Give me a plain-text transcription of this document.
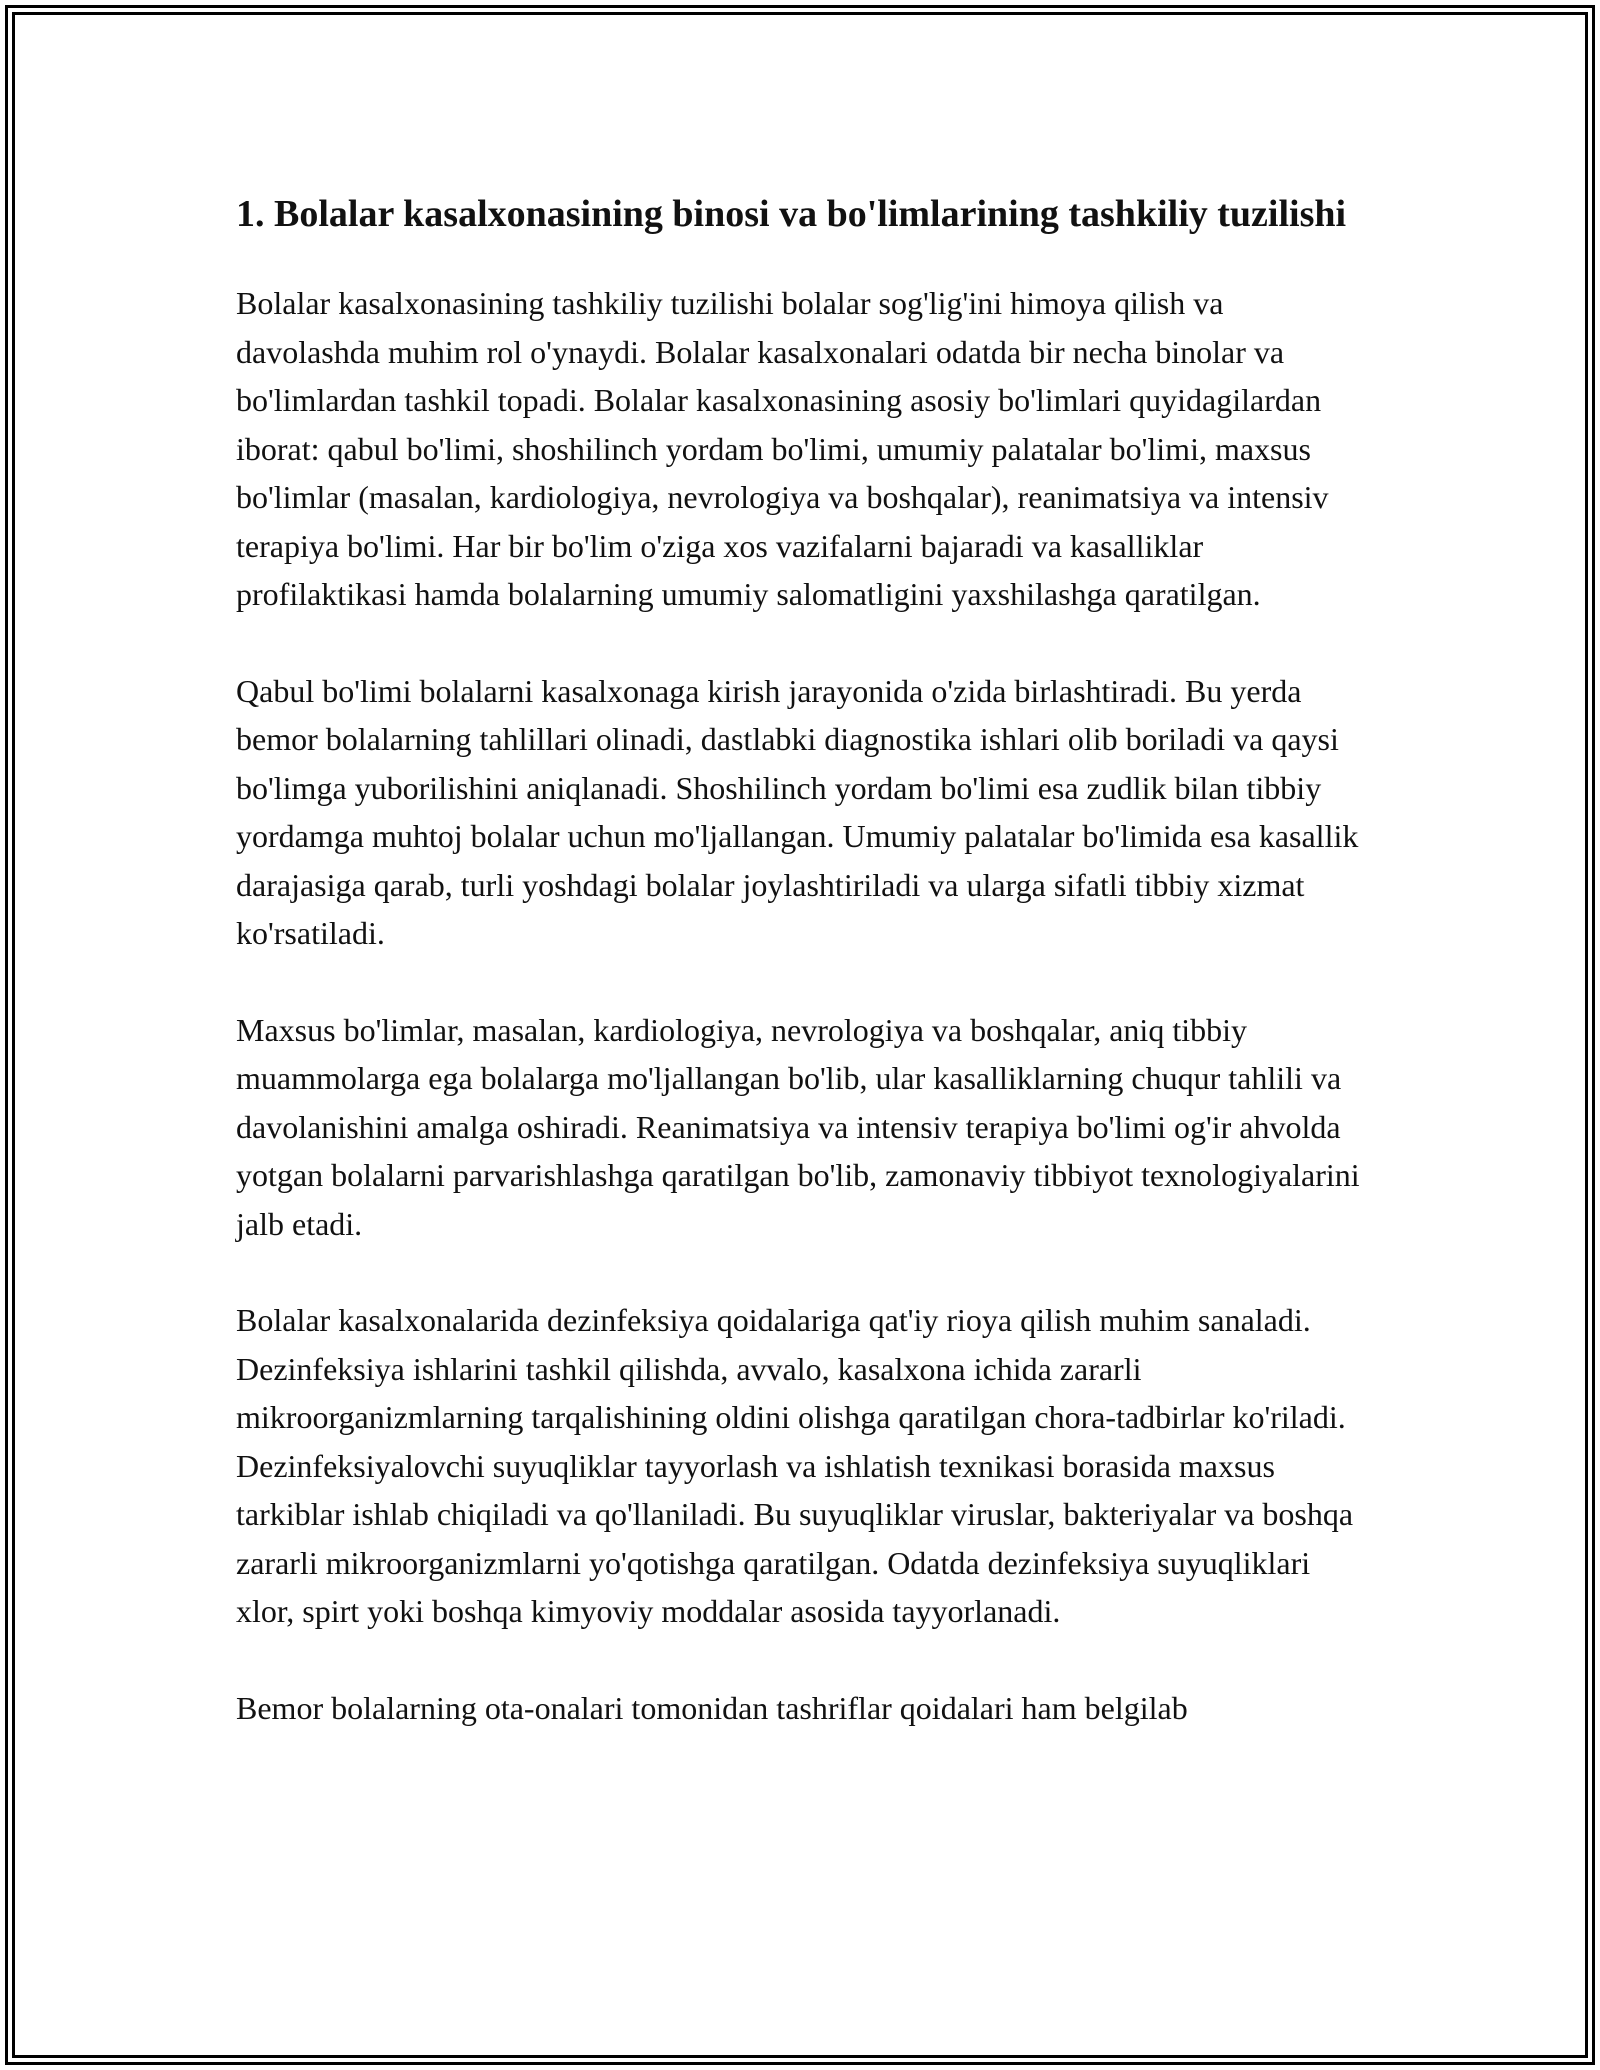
1. Bolalar kasalxonasining binosi va bo'limlarining tashkiliy tuzilishi

Bolalar kasalxonasining tashkiliy tuzilishi bolalar sog'lig'ini himoya qilish va davolashda muhim rol o'ynaydi. Bolalar kasalxonalari odatda bir necha binolar va bo'limlardan tashkil topadi. Bolalar kasalxonasining asosiy bo'limlari quyidagilardan iborat: qabul bo'limi, shoshilinch yordam bo'limi, umumiy palatalar bo'limi, maxsus bo'limlar (masalan, kardiologiya, nevrologiya va boshqalar), reanimatsiya va intensiv terapiya bo'limi. Har bir bo'lim o'ziga xos vazifalarni bajaradi va kasalliklar profilaktikasi hamda bolalarning umumiy salomatligini yaxshilashga qaratilgan.

Qabul bo'limi bolalarni kasalxonaga kirish jarayonida o'zida birlashtiradi. Bu yerda bemor bolalarning tahlillari olinadi, dastlabki diagnostika ishlari olib boriladi va qaysi bo'limga yuborilishini aniqlanadi. Shoshilinch yordam bo'limi esa zudlik bilan tibbiy yordamga muhtoj bolalar uchun mo'ljallangan. Umumiy palatalar bo'limida esa kasallik darajasiga qarab, turli yoshdagi bolalar joylashtiriladi va ularga sifatli tibbiy xizmat ko'rsatiladi.

Maxsus bo'limlar, masalan, kardiologiya, nevrologiya va boshqalar, aniq tibbiy muammolarga ega bolalarga mo'ljallangan bo'lib, ular kasalliklarning chuqur tahlili va davolanishini amalga oshiradi. Reanimatsiya va intensiv terapiya bo'limi og'ir ahvolda yotgan bolalarni parvarishlashga qaratilgan bo'lib, zamonaviy tibbiyot texnologiyalarini jalb etadi.

Bolalar kasalxonalarida dezinfeksiya qoidalariga qat'iy rioya qilish muhim sanaladi. Dezinfeksiya ishlarini tashkil qilishda, avvalo, kasalxona ichida zararli mikroorganizmlarning tarqalishining oldini olishga qaratilgan chora-tadbirlar ko'riladi. Dezinfeksiyalovchi suyuqliklar tayyorlash va ishlatish texnikasi borasida maxsus tarkiblar ishlab chiqiladi va qo'llaniladi. Bu suyuqliklar viruslar, bakteriyalar va boshqa zararli mikroorganizmlarni yo'qotishga qaratilgan. Odatda dezinfeksiya suyuqliklari xlor, spirt yoki boshqa kimyoviy moddalar asosida tayyorlanadi.

Bemor bolalarning ota-onalari tomonidan tashriflar qoidalari ham belgilab
